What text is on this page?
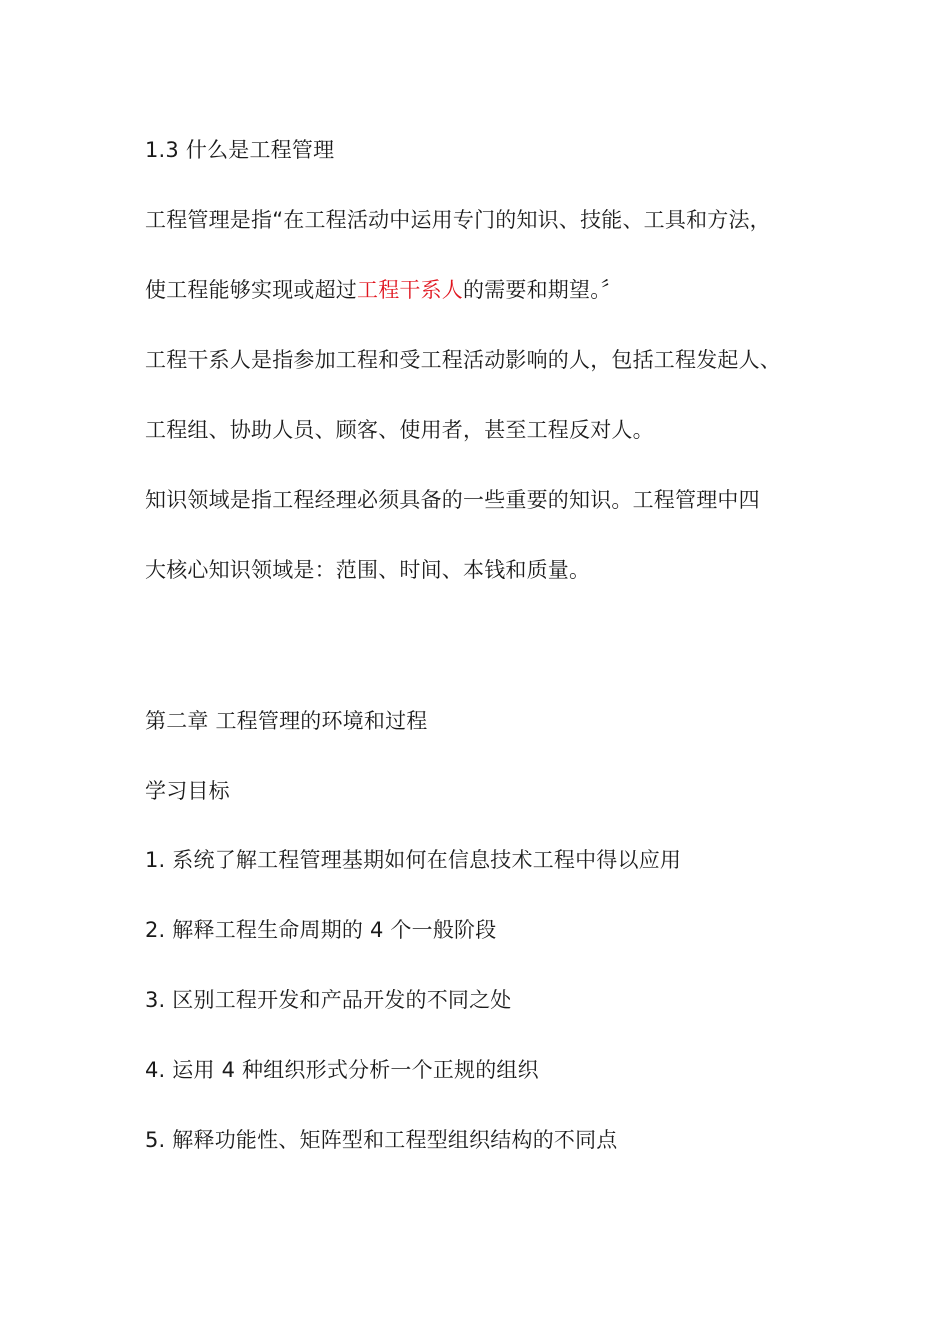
1.3 什么是工程管理
工程管理是指“在工程活动中运用专门的知识、技能、工具和方法，
使工程能够实现或超过工程干系人的需要和期望。〞
工程干系人是指参加工程和受工程活动影响的人，包括工程发起人、
工程组、协助人员、顾客、使用者，甚至工程反对人。
知识领域是指工程经理必须具备的一些重要的知识。工程管理中四
大核心知识领域是：范围、时间、本钱和质量。
第二章 工程管理的环境和过程
学习目标
1. 系统了解工程管理基期如何在信息技术工程中得以应用
2. 解释工程生命周期的 4 个一般阶段
3. 区别工程开发和产品开发的不同之处
4. 运用 4 种组织形式分析一个正规的组织
5. 解释功能性、矩阵型和工程型组织结构的不同点
